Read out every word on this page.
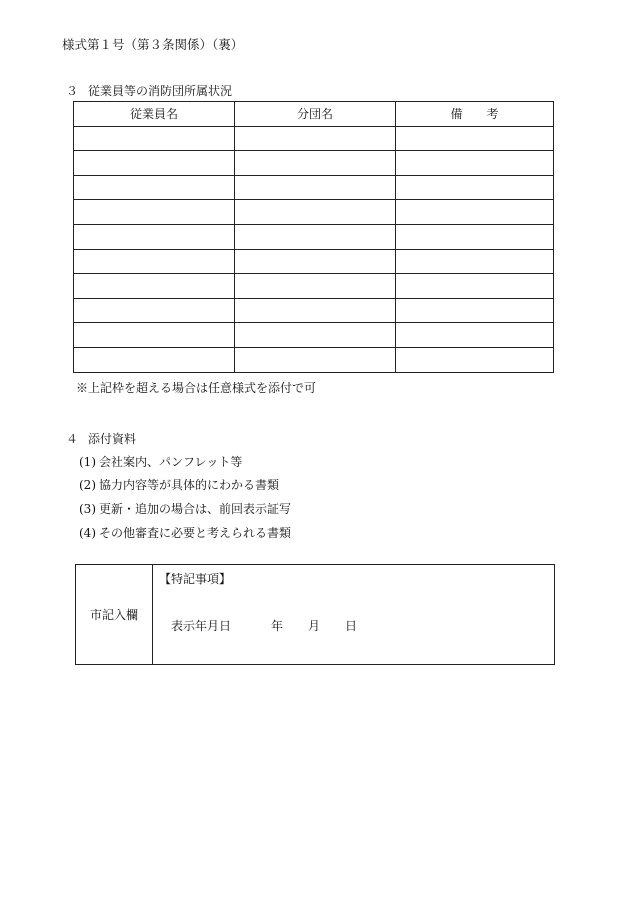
様式第１号（第３条関係）（裏）
３ 従業員等の消防団所属状況
従業員名	分団名	備　　考

※上記枠を超える場合は任意様式を添付で可
４ 添付資料
(1) 会社案内、パンフレット等
(2) 協力内容等が具体的にわかる書類
(3) 更新・追加の場合は、前回表示証写
(4) その他審査に必要と考えられる書類
市記入欄
【特記事項】
表示年月日	年 月 日
